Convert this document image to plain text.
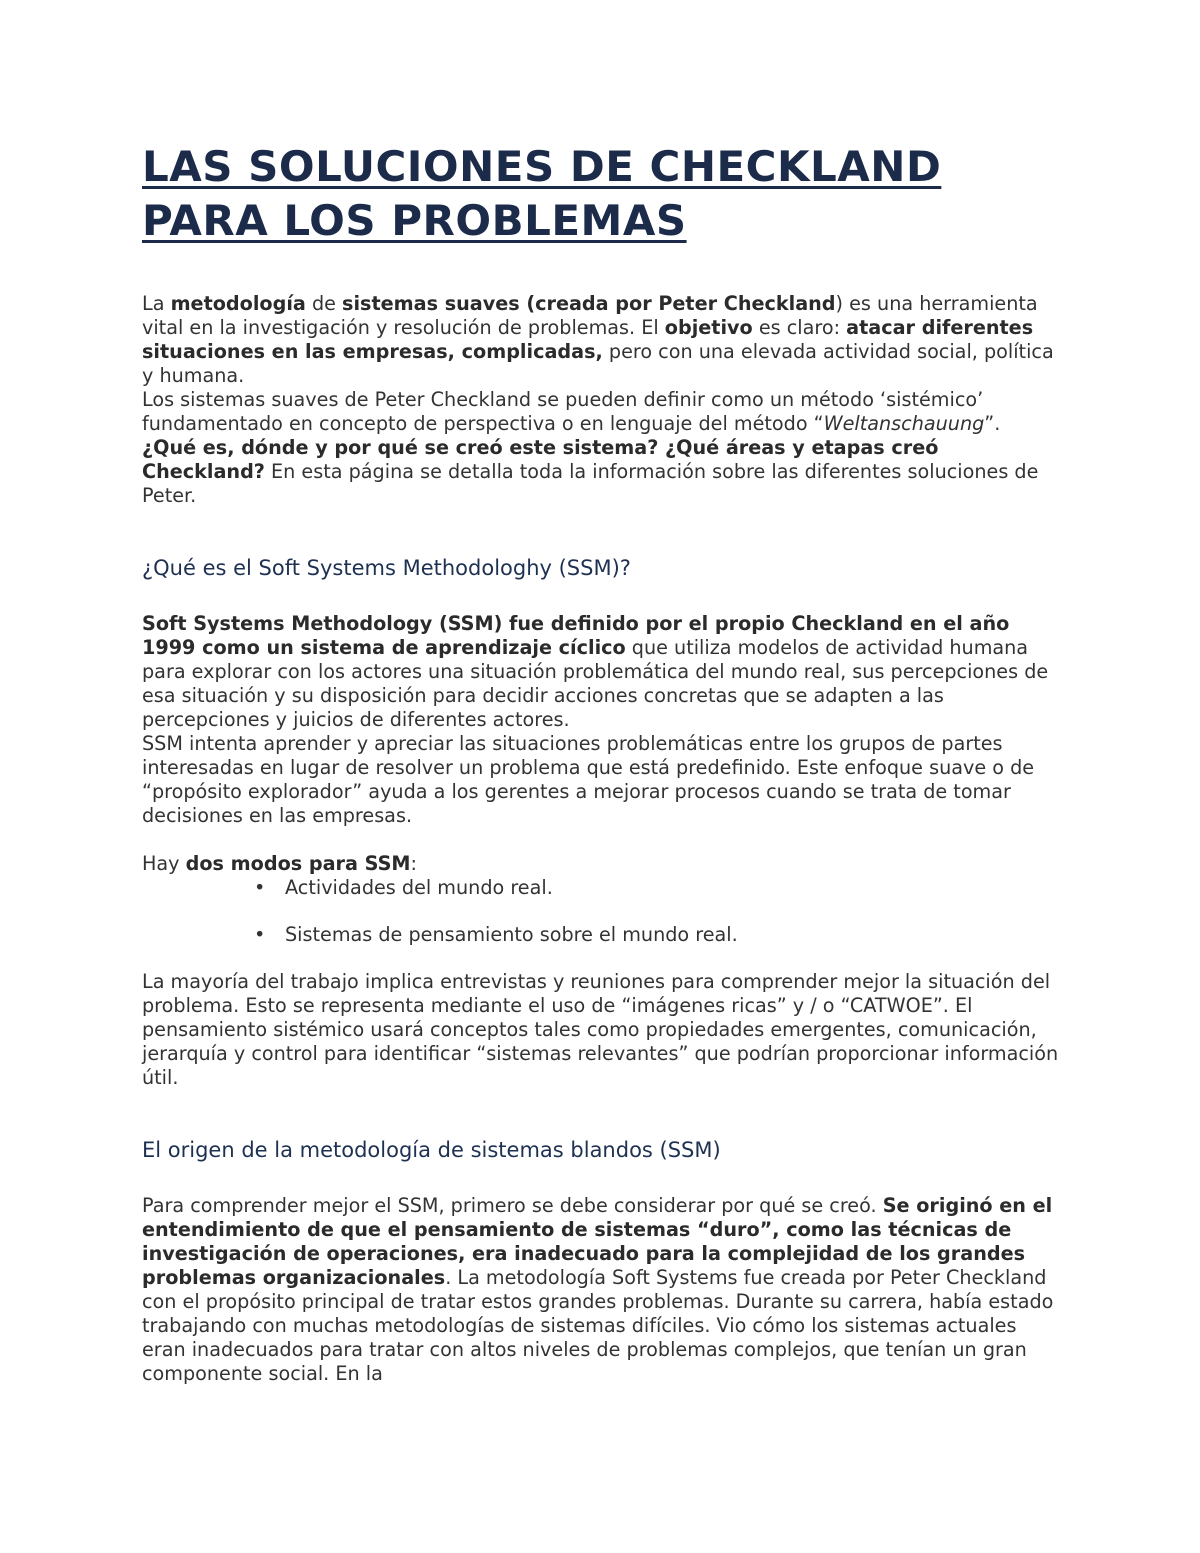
LAS SOLUCIONES DE CHECKLAND PARA LOS PROBLEMAS

La metodología de sistemas suaves (creada por Peter Checkland) es una herramienta vital en la investigación y resolución de problemas. El objetivo es claro: atacar diferentes situaciones en las empresas, complicadas, pero con una elevada actividad social, política y humana.

Los sistemas suaves de Peter Checkland se pueden definir como un método ‘sistémico’ fundamentado en concepto de perspectiva o en lenguaje del método “Weltanschauung”.

¿Qué es, dónde y por qué se creó este sistema? ¿Qué áreas y etapas creó Checkland? En esta página se detalla toda la información sobre las diferentes soluciones de Peter.

¿Qué es el Soft Systems Methodologhy (SSM)?

Soft Systems Methodology (SSM) fue definido por el propio Checkland en el año 1999 como un sistema de aprendizaje cíclico que utiliza modelos de actividad humana para explorar con los actores una situación problemática del mundo real, sus percepciones de esa situación y su disposición para decidir acciones concretas que se adapten a las percepciones y juicios de diferentes actores.

SSM intenta aprender y apreciar las situaciones problemáticas entre los grupos de partes interesadas en lugar de resolver un problema que está predefinido. Este enfoque suave o de “propósito explorador” ayuda a los gerentes a mejorar procesos cuando se trata de tomar decisiones en las empresas.

Hay dos modos para SSM:

• Actividades del mundo real.
• Sistemas de pensamiento sobre el mundo real.

La mayoría del trabajo implica entrevistas y reuniones para comprender mejor la situación del problema. Esto se representa mediante el uso de “imágenes ricas” y / o “CATWOE”. El pensamiento sistémico usará conceptos tales como propiedades emergentes, comunicación, jerarquía y control para identificar “sistemas relevantes” que podrían proporcionar información útil.

El origen de la metodología de sistemas blandos (SSM)

Para comprender mejor el SSM, primero se debe considerar por qué se creó. Se originó en el entendimiento de que el pensamiento de sistemas “duro”, como las técnicas de investigación de operaciones, era inadecuado para la complejidad de los grandes problemas organizacionales. La metodología Soft Systems fue creada por Peter Checkland con el propósito principal de tratar estos grandes problemas. Durante su carrera, había estado trabajando con muchas metodologías de sistemas difíciles. Vio cómo los sistemas actuales eran inadecuados para tratar con altos niveles de problemas complejos, que tenían un gran componente social. En la
